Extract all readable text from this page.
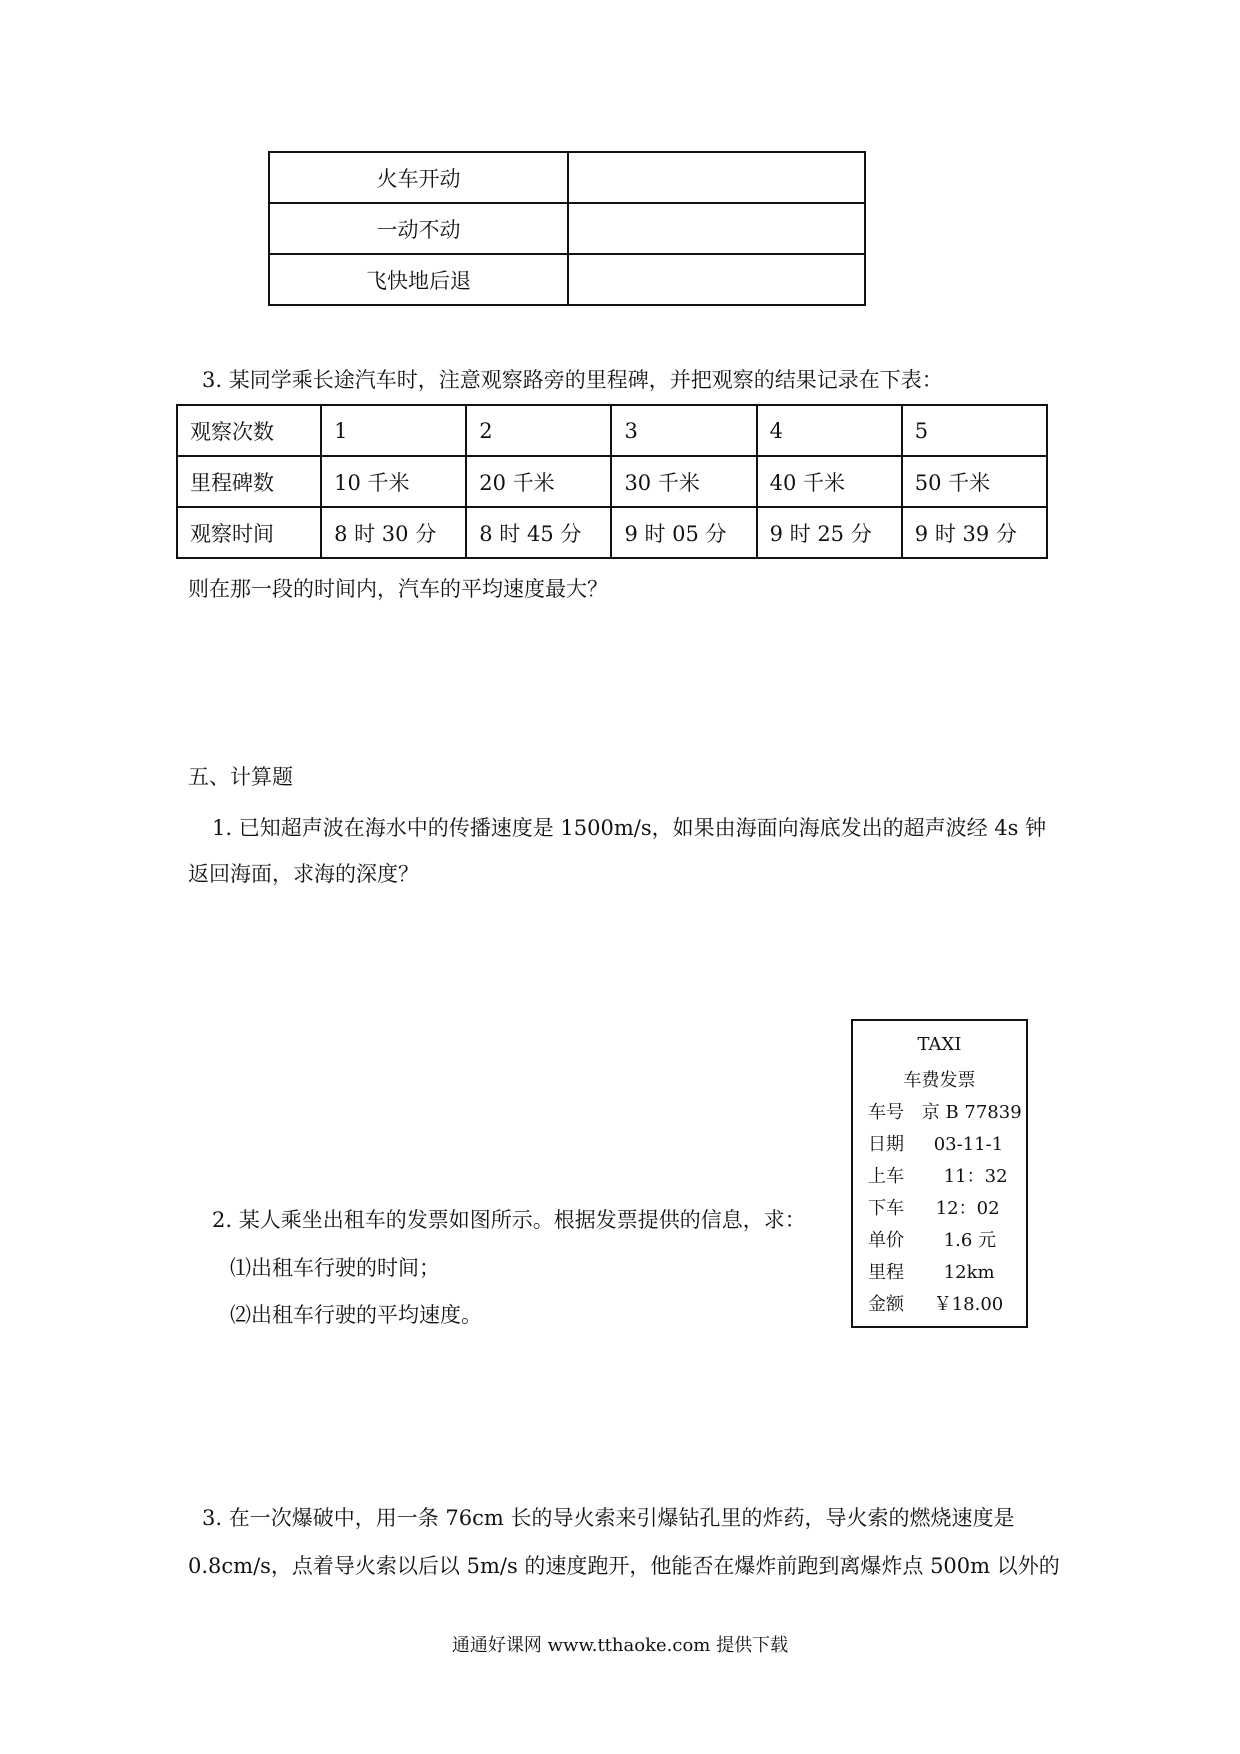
火车开动	
一动不动	
飞快地后退	
3. 某同学乘长途汽车时，注意观察路旁的里程碑，并把观察的结果记录在下表：
观察次数	1	2	3	4	5
里程碑数	10 千米	20 千米	30 千米	40 千米	50 千米
观察时间	8 时 30 分	8 时 45 分	9 时 05 分	9 时 25 分	9 时 39 分
则在那一段的时间内，汽车的平均速度最大？
五、计算题
1. 已知超声波在海水中的传播速度是 1500m/s，如果由海面向海底发出的超声波经 4s 钟
返回海面，求海的深度？
2. 某人乘坐出租车的发票如图所示。根据发票提供的信息，求：
⑴出租车行驶的时间；
⑵出租车行驶的平均速度。
TAXI
车费发票
车号 京 B 77839
日期 03-11-1
上车 11：32
下车 12：02
单价 1.6 元
里程 12km
金额 ￥18.00
3. 在一次爆破中，用一条 76cm 长的导火索来引爆钻孔里的炸药，导火索的燃烧速度是
0.8cm/s，点着导火索以后以 5m/s 的速度跑开，他能否在爆炸前跑到离爆炸点 500m 以外的
通通好课网 www.tthaoke.com 提供下载
